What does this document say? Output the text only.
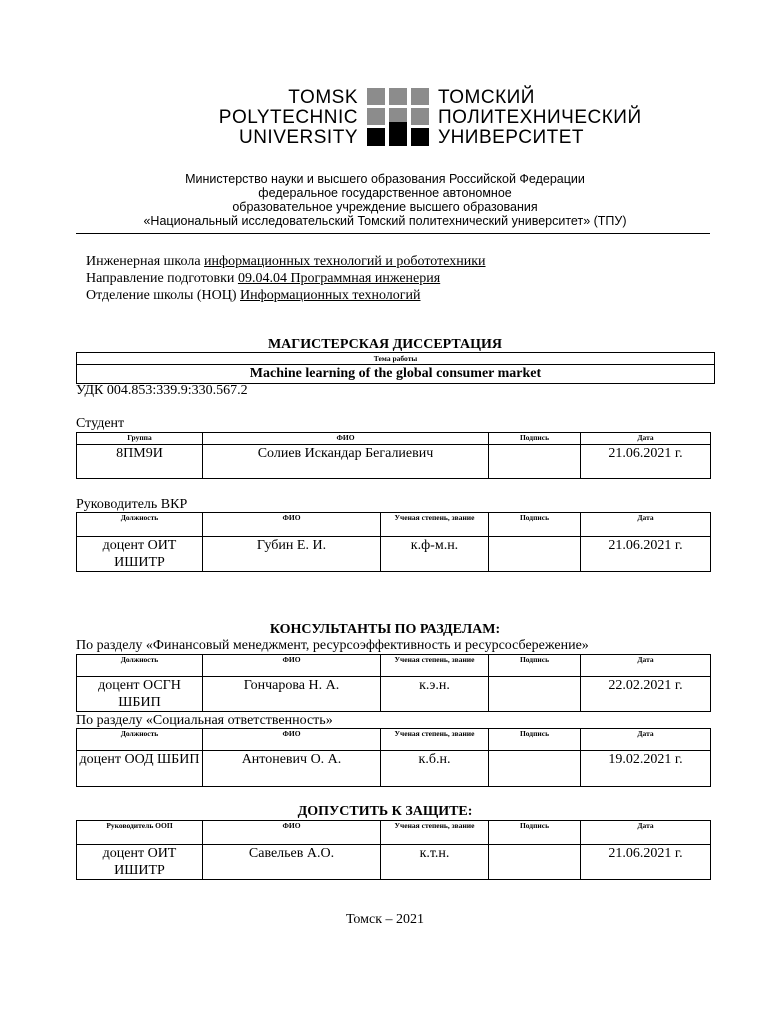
TOMSK
POLYTECHNIC
UNIVERSITY
ТОМСКИЙ
ПОЛИТЕХНИЧЕСКИЙ
УНИВЕРСИТЕТ
Министерство науки и высшего образования Российской Федерации
федеральное государственное автономное
образовательное учреждение высшего образования
«Национальный исследовательский Томский политехнический университет» (ТПУ)
Инженерная школа информационных технологий и робототехники
Направление подготовки 09.04.04 Программная инженерия
Отделение школы (НОЦ) Информационных технологий
МАГИСТЕРСКАЯ ДИССЕРТАЦИЯ
Тема работы
Machine learning of the global consumer market
УДК 004.853:339.9:330.567.2
Студент
Группа	ФИО	Подпись	Дата
8ПМ9И	Солиев Искандар Бегалиевич		21.06.2021 г.
Руководитель ВКР
Должность	ФИО	Ученая степень, звание	Подпись	Дата
доцент ОИТ ИШИТР	Губин Е. И.	к.ф-м.н.		21.06.2021 г.
КОНСУЛЬТАНТЫ ПО РАЗДЕЛАМ:
По разделу «Финансовый менеджмент, ресурсоэффективность и ресурсосбережение»
Должность	ФИО	Ученая степень, звание	Подпись	Дата
доцент ОСГН ШБИП	Гончарова Н. А.	к.э.н.		22.02.2021 г.
По разделу «Социальная ответственность»
Должность	ФИО	Ученая степень, звание	Подпись	Дата
доцент ООД ШБИП	Антоневич О. А.	к.б.н.		19.02.2021 г.
ДОПУСТИТЬ К ЗАЩИТЕ:
Руководитель ООП	ФИО	Ученая степень, звание	Подпись	Дата
доцент ОИТ ИШИТР	Савельев А.О.	к.т.н.		21.06.2021 г.
Томск – 2021
